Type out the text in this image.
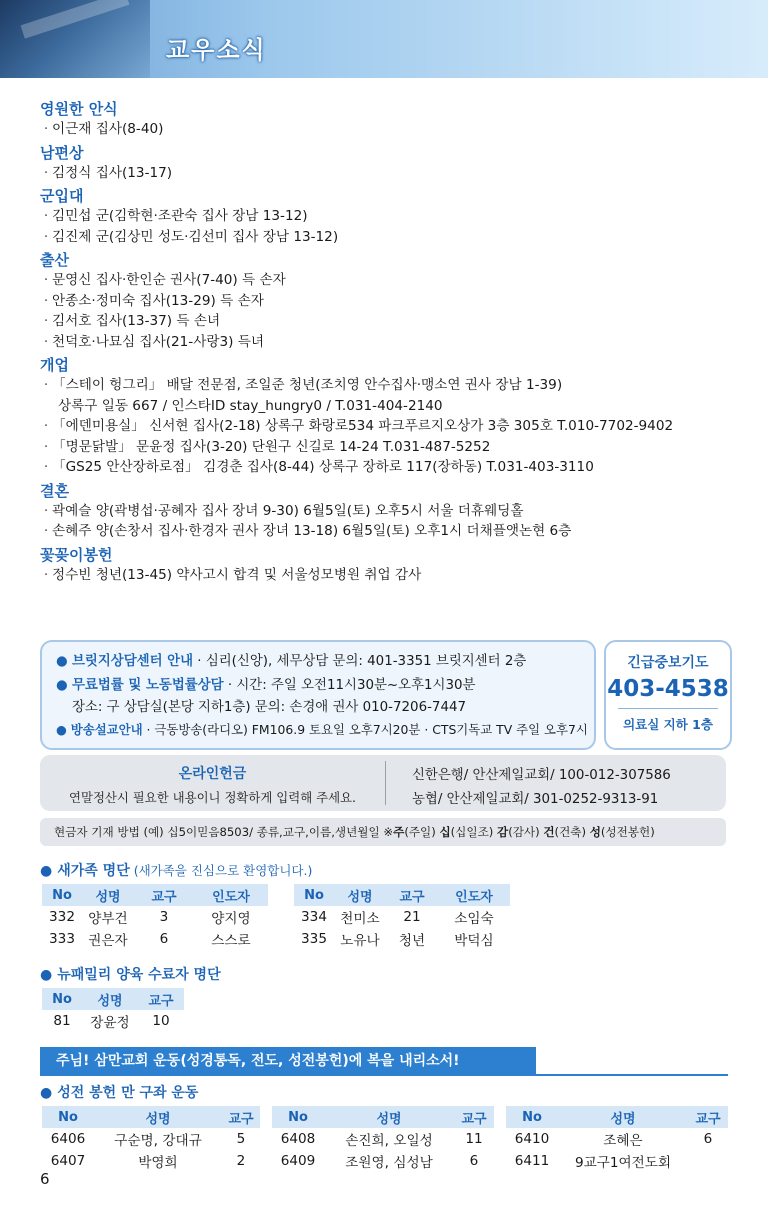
교우소식
영원한 안식
· 이근재 집사(8-40)
남편상
· 김정식 집사(13-17)
군입대
· 김민섭 군(김학현·조관숙 집사 장남 13-12)
· 김진제 군(김상민 성도·김선미 집사 장남 13-12)
출산
· 문영신 집사·한인순 권사(7-40) 득 손자
· 안종소·정미숙 집사(13-29) 득 손자
· 김서호 집사(13-37) 득 손녀
· 천덕호·나묘심 집사(21-사랑3) 득녀
개업
· 「스테이 헝그리」 배달 전문점, 조일준 청년(조치영 안수집사·맹소연 권사 장남 1-39)
상록구 일동 667 / 인스타ID stay_hungry0 / T.031-404-2140
· 「에덴미용실」 신서현 집사(2-18) 상록구 화랑로534 파크푸르지오상가 3층 305호 T.010-7702-9402
· 「명문닭발」 문윤정 집사(3-20) 단원구 신길로 14-24 T.031-487-5252
· 「GS25 안산장하로점」 김경춘 집사(8-44) 상록구 장하로 117(장하동) T.031-403-3110
결혼
· 곽예슬 양(곽병섭·공혜자 집사 장녀 9-30) 6월5일(토) 오후5시 서울 더휴웨딩홀
· 손혜주 양(손창서 집사·한경자 권사 장녀 13-18) 6월5일(토) 오후1시 더채플앳논현 6층
꽃꽂이봉헌
· 정수빈 청년(13-45) 약사고시 합격 및 서울성모병원 취업 감사
● 브릿지상담센터 안내 · 심리(신앙), 세무상담 문의: 401-3351 브릿지센터 2층
● 무료법률 및 노동법률상담 · 시간: 주일 오전11시30분~오후1시30분
장소: 구 상담실(본당 지하1층) 문의: 손경애 권사 010-7206-7447
● 방송설교안내 · 극동방송(라디오) FM106.9 토요일 오후7시20분 · CTS기독교 TV 주일 오후7시
긴급중보기도
403-4538
의료실 지하 1층
온라인헌금
연말정산시 필요한 내용이니 정확하게 입력해 주세요.
신한은행/ 안산제일교회/ 100-012-307586
농협/ 안산제일교회/ 301-0252-9313-91
현금자 기재 방법 (예) 십5이믿음8503/ 종류,교구,이름,생년월일 ※주(주일) 십(십일조) 감(감사) 건(건축) 성(성전봉헌)
● 새가족 명단 (새가족을 진심으로 환영합니다.)
No	성명	교구	인도자
332	양부건	3	양지영
333	권은자	6	스스로
No	성명	교구	인도자
334	천미소	21	소임숙
335	노유나	청년	박덕심
● 뉴패밀리 양육 수료자 명단
No	성명	교구
81	장윤정	10
주님! 삼만교회 운동(성경통독, 전도, 성전봉헌)에 복을 내리소서!
● 성전 봉헌 만 구좌 운동
No	성명	교구
6406	구순명, 강대규	5
6407	박영희	2
No	성명	교구
6408	손진희, 오일성	11
6409	조원영, 심성남	6
No	성명	교구
6410	조혜은	6
6411	9교구1여전도회	
6
